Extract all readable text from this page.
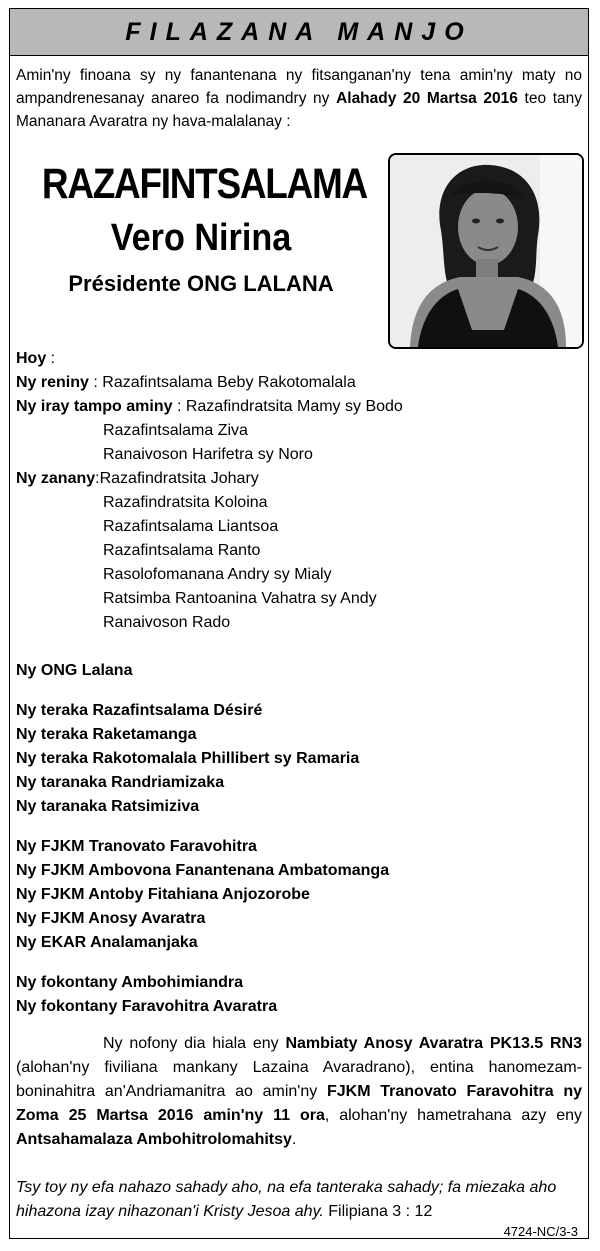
FILAZANA MANJO
Amin'ny finoana sy ny fanantenana ny fitsanganan'ny tena amin'ny maty no ampandrenesanay anareo fa nodimandry ny Alahady 20 Martsa 2016 teo tany Mananara Avaratra ny hava-malalanay :
RAZAFINTSALAMA
Vero Nirina
Présidente ONG LALANA
Hoy :
Ny reniny : Razafintsalama Beby Rakotomalala
Ny iray tampo aminy : Razafindratsita Mamy sy Bodo
Razafintsalama Ziva
Ranaivoson Harifetra sy Noro
Ny zanany:Razafindratsita Johary
Razafindratsita Koloina
Razafintsalama Liantsoa
Razafintsalama Ranto
Rasolofomanana Andry sy Mialy
Ratsimba Rantoanina Vahatra sy Andy
Ranaivoson Rado
Ny ONG Lalana
Ny teraka Razafintsalama Désiré
Ny teraka Raketamanga
Ny teraka Rakotomalala Phillibert sy Ramaria
Ny taranaka Randriamizaka
Ny taranaka Ratsimiziva
Ny FJKM Tranovato Faravohitra
Ny FJKM Ambovona Fanantenana Ambatomanga
Ny FJKM Antoby Fitahiana Anjozorobe
Ny FJKM Anosy Avaratra
Ny EKAR Analamanjaka
Ny fokontany Ambohimiandra
Ny fokontany Faravohitra Avaratra
Ny nofony dia hiala eny Nambiaty Anosy Avaratra PK13.5 RN3 (alohan'ny fiviliana mankany Lazaina Avaradrano), entina hanomezam-boninahitra an'Andriamanitra ao amin'ny FJKM Tranovato Faravohitra ny Zoma 25 Martsa 2016 amin'ny 11 ora, alohan'ny hametrahana azy eny Antsahamalaza Ambohitrolomahitsy.
Tsy toy ny efa nahazo sahady aho, na efa tanteraka sahady; fa miezaka aho hihazona izay nihazonan'i Kristy Jesoa ahy. Filipiana 3 : 12
4724-NC/3-3
